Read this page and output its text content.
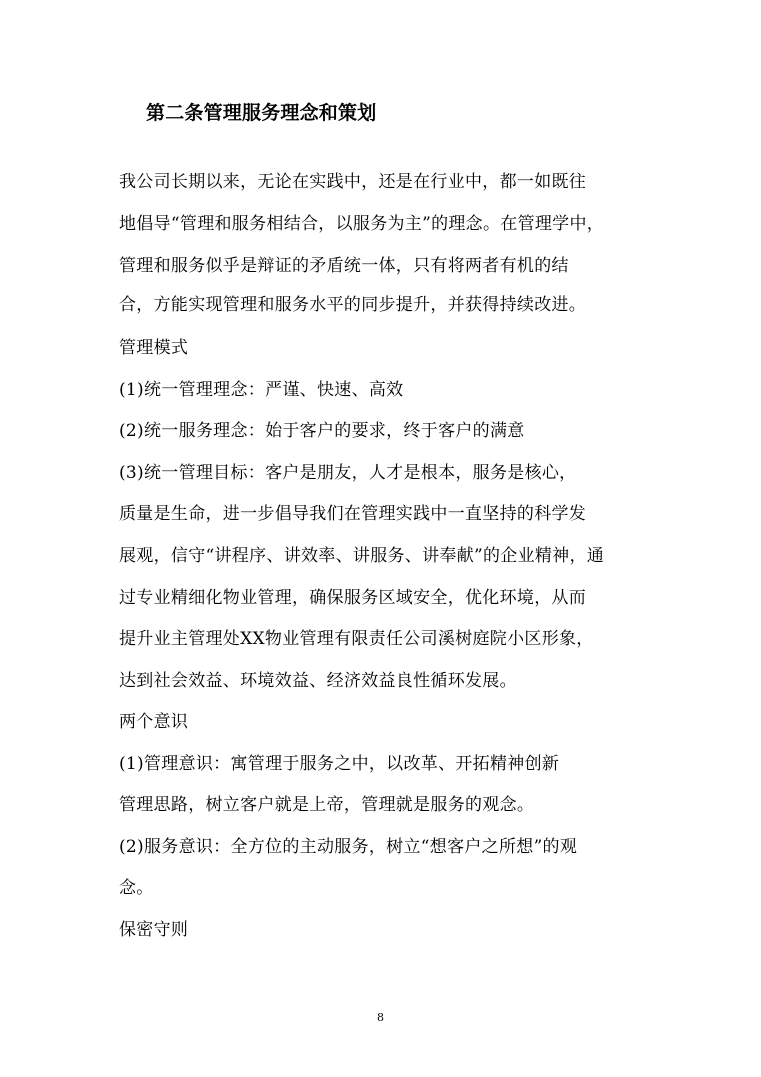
第二条管理服务理念和策划
我公司长期以来，无论在实践中，还是在行业中，都一如既往
地倡导“管理和服务相结合，以服务为主”的理念。在管理学中，
管理和服务似乎是辩证的矛盾统一体，只有将两者有机的结
合，方能实现管理和服务水平的同步提升，并获得持续改进。
管理模式
(1)统一管理理念：严谨、快速、高效
(2)统一服务理念：始于客户的要求，终于客户的满意
(3)统一管理目标：客户是朋友，人才是根本，服务是核心，
质量是生命，进一步倡导我们在管理实践中一直坚持的科学发
展观，信守“讲程序、讲效率、讲服务、讲奉献”的企业精神，通
过专业精细化物业管理，确保服务区域安全，优化环境，从而
提升业主管理处XX物业管理有限责任公司溪树庭院小区形象，
达到社会效益、环境效益、经济效益良性循环发展。
两个意识
(1)管理意识：寓管理于服务之中，以改革、开拓精神创新
管理思路，树立客户就是上帝，管理就是服务的观念。
(2)服务意识：全方位的主动服务，树立“想客户之所想”的观
念。
保密守则
8
